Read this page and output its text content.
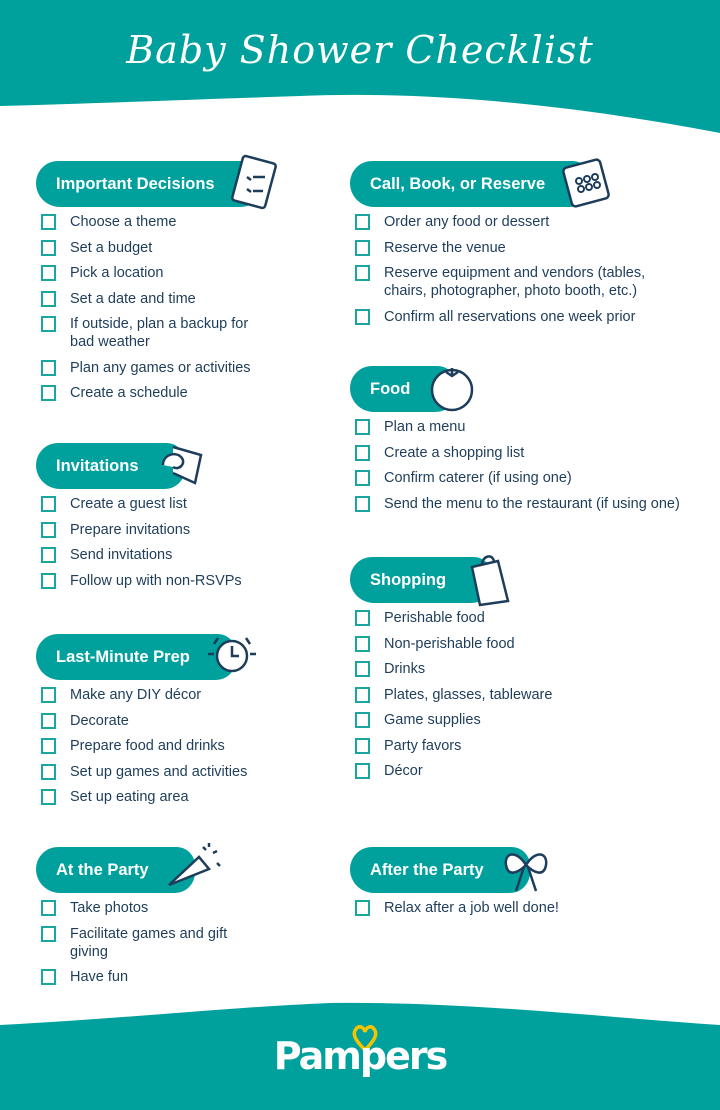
Baby Shower Checklist
Important Decisions
Choose a theme
Set a budget
Pick a location
Set a date and time
If outside, plan a backup for bad weather
Plan any games or activities
Create a schedule
Invitations
Create a guest list
Prepare invitations
Send invitations
Follow up with non-RSVPs
Last-Minute Prep
Make any DIY décor
Decorate
Prepare food and drinks
Set up games and activities
Set up eating area
At the Party
Take photos
Facilitate games and gift giving
Have fun
Call, Book, or Reserve
Order any food or dessert
Reserve the venue
Reserve equipment and vendors (tables, chairs, photographer, photo booth, etc.)
Confirm all reservations one week prior
Food
Plan a menu
Create a shopping list
Confirm caterer (if using one)
Send the menu to the restaurant (if using one)
Shopping
Perishable food
Non-perishable food
Drinks
Plates, glasses, tableware
Game supplies
Party favors
Décor
After the Party
Relax after a job well done!
Pampers
